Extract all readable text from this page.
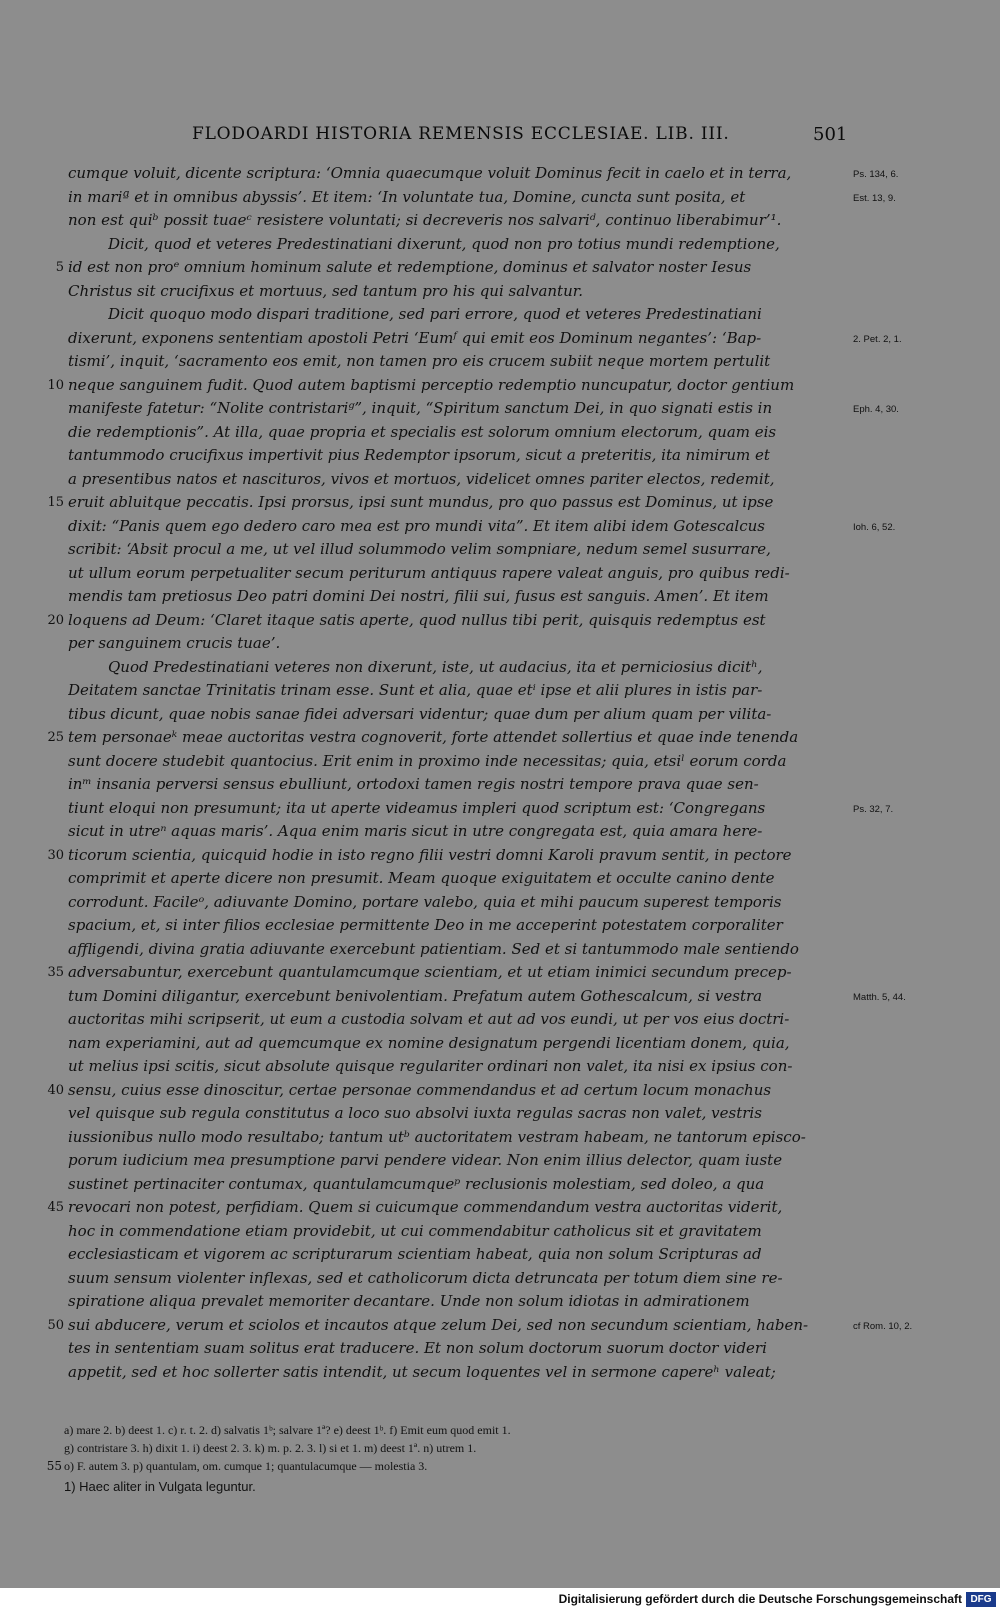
FLODOARDI HISTORIA REMENSIS ECCLESIAE. LIB. III.	501
cumque voluit, dicente scriptura: ‘Omnia quaecumque voluit Dominus fecit in caelo et in terra,	Ps. 134, 6.
in mariª et in omnibus abyssis’. Et item: ‘In voluntate tua, Domine, cuncta sunt posita, et	Est. 13, 9.
non est quiᵇ possit tuaeᶜ resistere voluntati; si decreveris nos salvariᵈ, continuo liberabimur’¹.
Dicit, quod et veteres Predestinatiani dixerunt, quod non pro totius mundi redemptione,
5 id est non proᵉ omnium hominum salute et redemptione, dominus et salvator noster Iesus
Christus sit crucifixus et mortuus, sed tantum pro his qui salvantur.
Dicit quoquo modo dispari traditione, sed pari errore, quod et veteres Predestinatiani
dixerunt, exponens sententiam apostoli Petri ‘Eumᶠ qui emit eos Dominum negantes’: ‘Bap-	2. Pet. 2, 1.
tismi’, inquit, ‘sacramento eos emit, non tamen pro eis crucem subiit neque mortem pertulit
10 neque sanguinem fudit. Quod autem baptismi perceptio redemptio nuncupatur, doctor gentium
manifeste fatetur: “Nolite contristariᵍ”, inquit, “Spiritum sanctum Dei, in quo signati estis in	Eph. 4, 30.
die redemptionis”. At illa, quae propria et specialis est solorum omnium electorum, quam eis
tantummodo crucifixus impertivit pius Redemptor ipsorum, sicut a preteritis, ita nimirum et
a presentibus natos et nascituros, vivos et mortuos, videlicet omnes pariter electos, redemit,
15 eruit abluitque peccatis. Ipsi prorsus, ipsi sunt mundus, pro quo passus est Dominus, ut ipse
dixit: “Panis quem ego dedero caro mea est pro mundi vita”. Et item alibi idem Gotescalcus	Ioh. 6, 52.
scribit: ‘Absit procul a me, ut vel illud solummodo velim sompniare, nedum semel susurrare,
ut ullum eorum perpetualiter secum periturum antiquus rapere valeat anguis, pro quibus redi-
mendis tam pretiosus Deo patri domini Dei nostri, filii sui, fusus est sanguis. Amen’. Et item
20 loquens ad Deum: ‘Claret itaque satis aperte, quod nullus tibi perit, quisquis redemptus est
per sanguinem crucis tuae’.
Quod Predestinatiani veteres non dixerunt, iste, ut audacius, ita et perniciosius dicitʰ,
Deitatem sanctae Trinitatis trinam esse. Sunt et alia, quae etⁱ ipse et alii plures in istis par-
tibus dicunt, quae nobis sanae fidei adversari videntur; quae dum per alium quam per vilita-
25 tem personaeᵏ meae auctoritas vestra cognoverit, forte attendet sollertius et quae inde tenenda
sunt docere studebit quantocius. Erit enim in proximo inde necessitas; quia, etsiˡ eorum corda
inᵐ insania perversi sensus ebulliunt, ortodoxi tamen regis nostri tempore prava quae sen-
tiunt eloqui non presumunt; ita ut aperte videamus impleri quod scriptum est: ‘Congregans	Ps. 32, 7.
sicut in utreⁿ aquas maris’. Aqua enim maris sicut in utre congregata est, quia amara here-
30 ticorum scientia, quicquid hodie in isto regno filii vestri domni Karoli pravum sentit, in pectore
comprimit et aperte dicere non presumit. Meam quoque exiguitatem et occulte canino dente
corrodunt. Facileᵒ, adiuvante Domino, portare valebo, quia et mihi paucum superest temporis
spacium, et, si inter filios ecclesiae permittente Deo in me acceperint potestatem corporaliter
affligendi, divina gratia adiuvante exercebunt patientiam. Sed et si tantummodo male sentiendo
35 adversabuntur, exercebunt quantulamcumque scientiam, et ut etiam inimici secundum precep-
tum Domini diligantur, exercebunt benivolentiam. Prefatum autem Gothescalcum, si vestra	Matth. 5, 44.
auctoritas mihi scripserit, ut eum a custodia solvam et aut ad vos eundi, ut per vos eius doctri-
nam experiamini, aut ad quemcumque ex nomine designatum pergendi licentiam donem, quia,
ut melius ipsi scitis, sicut absolute quisque regulariter ordinari non valet, ita nisi ex ipsius con-
40 sensu, cuius esse dinoscitur, certae personae commendandus et ad certum locum monachus
vel quisque sub regula constitutus a loco suo absolvi iuxta regulas sacras non valet, vestris
iussionibus nullo modo resultabo; tantum utᵇ auctoritatem vestram habeam, ne tantorum episco-
porum iudicium mea presumptione parvi pendere videar. Non enim illius delector, quam iuste
sustinet pertinaciter contumax, quantulamcumqueᵖ reclusionis molestiam, sed doleo, a qua
45 revocari non potest, perfidiam. Quem si cuicumque commendandum vestra auctoritas viderit,
hoc in commendatione etiam providebit, ut cui commendabitur catholicus sit et gravitatem
ecclesiasticam et vigorem ac scripturarum scientiam habeat, quia non solum Scripturas ad
suum sensum violenter inflexas, sed et catholicorum dicta detruncata per totum diem sine re-
spiratione aliqua prevalet memoriter decantare. Unde non solum idiotas in admirationem
50 sui abducere, verum et sciolos et incautos atque zelum Dei, sed non secundum scientiam, haben-	cf Rom. 10, 2.
tes in sententiam suam solitus erat traducere. Et non solum doctorum suorum doctor videri
appetit, sed et hoc sollerter satis intendit, ut secum loquentes vel in sermone capereʰ valeat;
a) mare 2. b) deest 1. c) r. t. 2. d) salvatis 1ᵇ; salvare 1ª? e) deest 1ᵇ. f) Emit eum quod emit 1.
g) contristare 3. h) dixit 1. i) deest 2. 3. k) m. p. 2. 3. l) si et 1. m) deest 1ª. n) utrem 1.
55 o) F. autem 3. p) quantulam, om. cumque 1; quantulacumque — molestia 3.
1) Haec aliter in Vulgata leguntur.
Digitalisierung gefördert durch die Deutsche Forschungsgemeinschaft DFG
